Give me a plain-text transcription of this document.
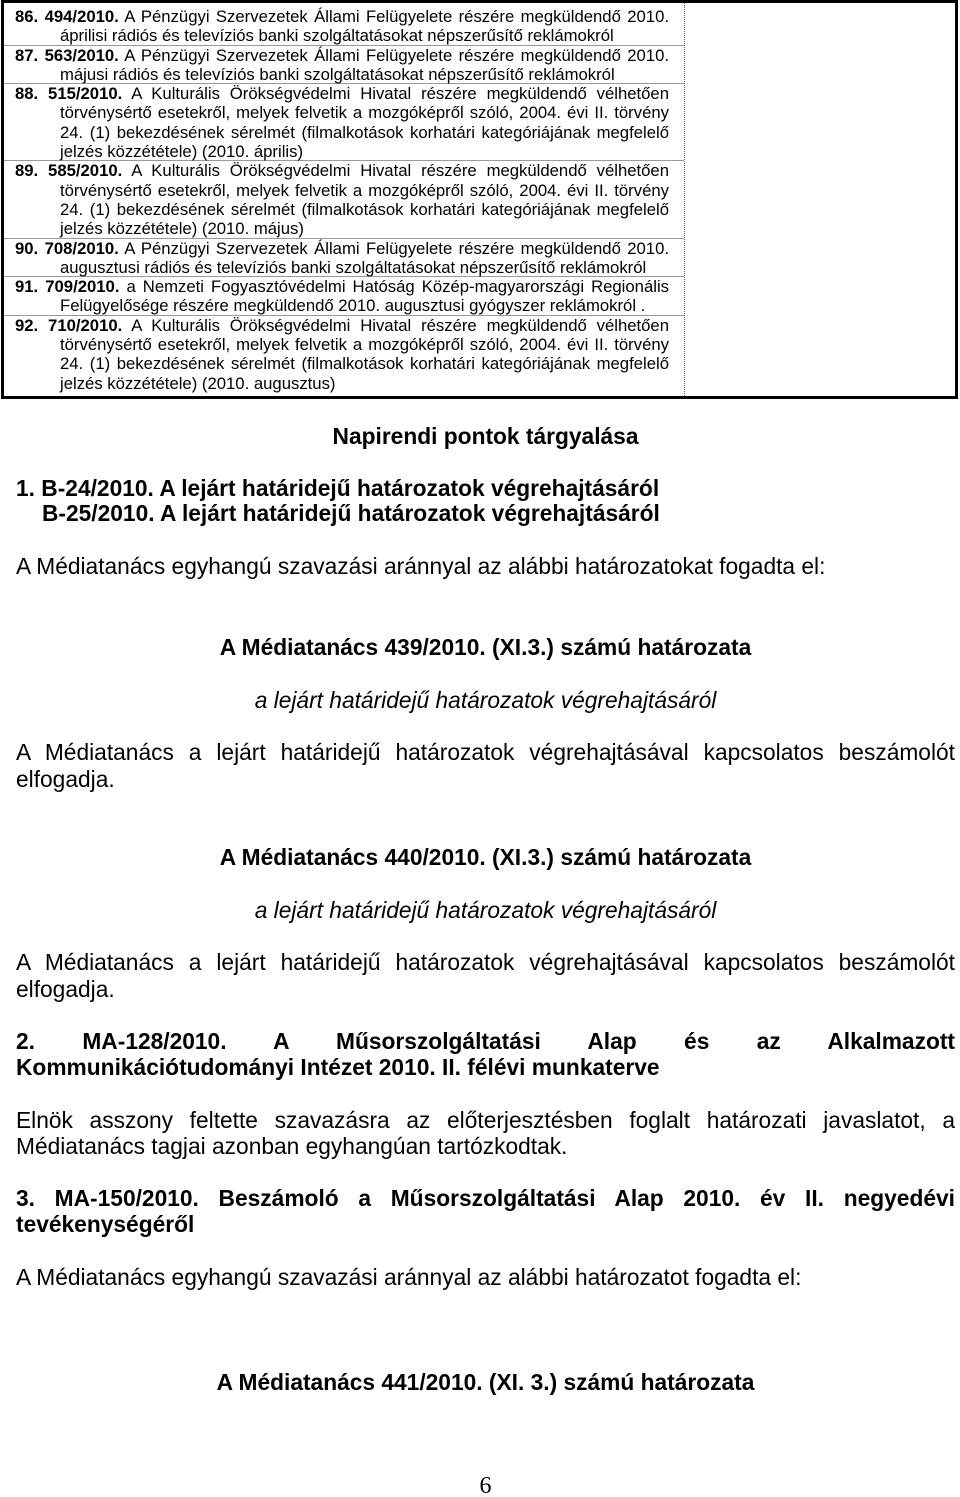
86. 494/2010. A Pénzügyi Szervezetek Állami Felügyelete részére megküldendő 2010.
áprilisi rádiós és televíziós banki szolgáltatásokat népszerűsítő reklámokról
87. 563/2010. A Pénzügyi Szervezetek Állami Felügyelete részére megküldendő 2010.
májusi rádiós és televíziós banki szolgáltatásokat népszerűsítő reklámokról
88. 515/2010. A Kulturális Örökségvédelmi Hivatal részére megküldendő vélhetően
törvénysértő esetekről, melyek felvetik a mozgóképről szóló, 2004. évi II. törvény
24. (1) bekezdésének sérelmét (filmalkotások korhatári kategóriájának megfelelő
jelzés közzététele) (2010. április)
89. 585/2010. A Kulturális Örökségvédelmi Hivatal részére megküldendő vélhetően
törvénysértő esetekről, melyek felvetik a mozgóképről szóló, 2004. évi II. törvény
24. (1) bekezdésének sérelmét (filmalkotások korhatári kategóriájának megfelelő
jelzés közzététele) (2010. május)
90. 708/2010. A Pénzügyi Szervezetek Állami Felügyelete részére megküldendő 2010.
augusztusi rádiós és televíziós banki szolgáltatásokat népszerűsítő reklámokról
91. 709/2010. a Nemzeti Fogyasztóvédelmi Hatóság Közép-magyarországi Regionális
Felügyelősége részére megküldendő 2010. augusztusi gyógyszer reklámokról .
92. 710/2010. A Kulturális Örökségvédelmi Hivatal részére megküldendő vélhetően
törvénysértő esetekről, melyek felvetik a mozgóképről szóló, 2004. évi II. törvény
24. (1) bekezdésének sérelmét (filmalkotások korhatári kategóriájának megfelelő
jelzés közzététele) (2010. augusztus)
Napirendi pontok tárgyalása
1. B-24/2010. A lejárt határidejű határozatok végrehajtásáról
B-25/2010. A lejárt határidejű határozatok végrehajtásáról
A Médiatanács egyhangú szavazási aránnyal az alábbi határozatokat fogadta el:
A Médiatanács 439/2010. (XI.3.) számú határozata
a lejárt határidejű határozatok végrehajtásáról
A Médiatanács a lejárt határidejű határozatok végrehajtásával kapcsolatos beszámolót
elfogadja.
A Médiatanács 440/2010. (XI.3.) számú határozata
a lejárt határidejű határozatok végrehajtásáról
A Médiatanács a lejárt határidejű határozatok végrehajtásával kapcsolatos beszámolót
elfogadja.
2. MA-128/2010. A Műsorszolgáltatási Alap és az Alkalmazott
Kommunikációtudományi Intézet 2010. II. félévi munkaterve
Elnök asszony feltette szavazásra az előterjesztésben foglalt határozati javaslatot, a
Médiatanács tagjai azonban egyhangúan tartózkodtak.
3. MA-150/2010. Beszámoló a Műsorszolgáltatási Alap 2010. év II. negyedévi
tevékenységéről
A Médiatanács egyhangú szavazási aránnyal az alábbi határozatot fogadta el:
A Médiatanács 441/2010. (XI. 3.) számú határozata
6
